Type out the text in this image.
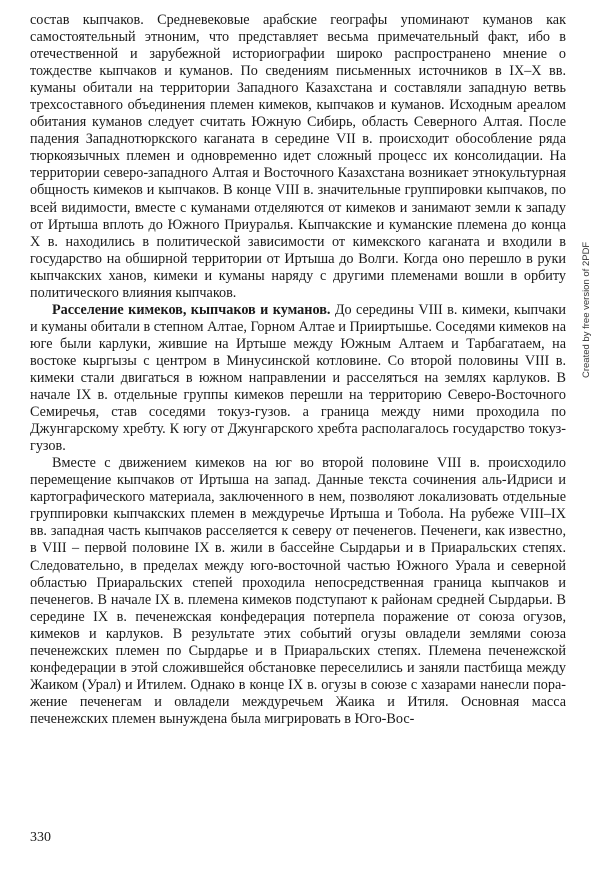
состав кыпчаков. Средневековые арабские географы упоминают куманов как самостоятельный этноним, что представляет весьма примечательный факт, ибо в отечественной и зарубежной историографии широко распространено мнение о тождестве кыпчаков и куманов. По сведениям письменных источников в IX–X вв. куманы обитали на территории Западного Казахстана и составляли западную ветвь трехсоставного объединения племен кимеков, кыпчаков и куманов. Исходным ареалом обитания куманов следует считать Южную Сибирь, область Северного Алтая. После падения Западнотюркского каганата в середине VII в. происходит обособление ряда тюркоязычных племен и одновременно идет сложный процесс их консолидации. На территории северо-западного Алтая и Восточного Казахстана возникает этнокультурная общность кимеков и кыпчаков. В конце VIII в. значительные группировки кыпчаков, по всей видимости, вместе с куманами отделяются от кимеков и занимают земли к западу от Иртыша вплоть до Южного Приуралья. Кыпчакские и куманские племена до конца X в. находились в политической зависимости от кимекского каганата и входили в государство на обширной территории от Иртыша до Волги. Когда оно перешло в руки кыпчакских ханов, кимеки и куманы наряду с другими племенами вошли в орбиту политического влияния кыпчаков.

Расселение кимеков, кыпчаков и куманов. До середины VIII в. кимеки, кыпчаки и куманы обитали в степном Алтае, Горном Алтае и Прииртышье. Соседями кимеков на юге были карлуки, жившие на Иртыше между Южным Алтаем и Тарбагатаем, на востоке кыргызы с центром в Минусинской котловине. Со второй половины VIII в. кимеки стали двигаться в южном направлении и расселяться на землях карлуков. В начале IX в. отдельные группы кимеков перешли на территорию Северо-Восточного Семиречья, став соседями токуз-гузов. а граница между ними проходила по Джунгарскому хребту. К югу от Джунгарского хребта располагалось государство токуз-гузов.

Вместе с движением кимеков на юг во второй половине VIII в. происходило перемещение кыпчаков от Иртыша на запад. Данные текста сочинения аль-Идриси и картографического материала, заключенного в нем, позволяют локализовать отдельные группировки кыпчакских племен в междуречье Иртыша и Тобола. На рубеже VIII–IX вв. западная часть кыпчаков расселяется к северу от печенегов. Печенеги, как известно, в VIII – первой половине IX в. жили в бассейне Сырдарьи и в Приаральских степях. Следовательно, в пределах между юго-восточной частью Южного Урала и северной областью Приаральских степей проходила непосредственная граница кыпчаков и печенегов. В начале IX в. племена кимеков подступают к районам средней Сырдарьи. В середине IX в. печенежская конфедерация потерпела поражение от союза огузов, кимеков и карлуков. В результате этих событий огузы овладели землями союза печенежских племен по Сырдарье и в Приаральских степях. Племена печенежской конфедерации в этой сложившейся обстановке переселились и заняли пастбища между Жаиком (Урал) и Итилем. Однако в конце IX в. огузы в союзе с хазарами нанесли поражение печенегам и овладели междуречьем Жаика и Итиля. Основная масса печенежских племен вынуждена была мигрировать в Юго-Вос-

330
Created by free version of 2PDF
